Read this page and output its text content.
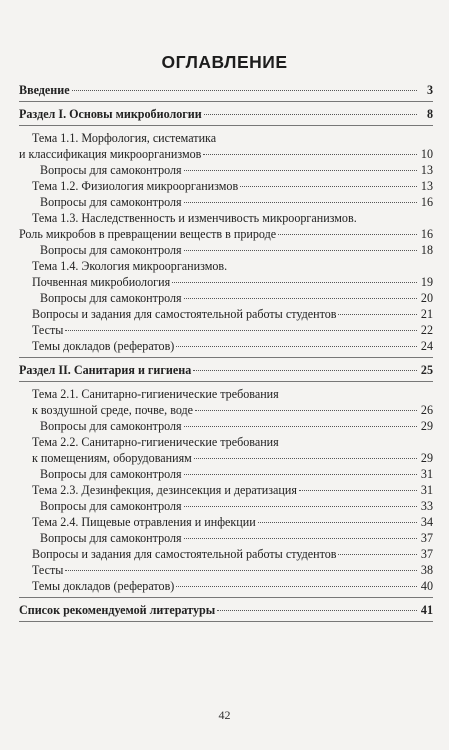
ОГЛАВЛЕНИЕ
Введение	3
Раздел I. Основы микробиологии	8
Тема 1.1. Морфология, систематика
и классификация микроорганизмов	10
Вопросы для самоконтроля	13
Тема 1.2. Физиология микроорганизмов	13
Вопросы для самоконтроля	16
Тема 1.3. Наследственность и изменчивость микроорганизмов.
Роль микробов в превращении веществ в природе	16
Вопросы для самоконтроля	18
Тема 1.4. Экология микроорганизмов.
Почвенная микробиология	19
Вопросы для самоконтроля	20
Вопросы и задания для самостоятельной работы студентов	21
Тесты	22
Темы докладов (рефератов)	24
Раздел II. Санитария и гигиена	25
Тема 2.1. Санитарно-гигиенические требования
к воздушной среде, почве, воде	26
Вопросы для самоконтроля	29
Тема 2.2. Санитарно-гигиенические требования
к помещениям, оборудованиям	29
Вопросы для самоконтроля	31
Тема 2.3. Дезинфекция, дезинсекция и дератизация	31
Вопросы для самоконтроля	33
Тема 2.4. Пищевые отравления и инфекции	34
Вопросы для самоконтроля	37
Вопросы и задания для самостоятельной работы студентов	37
Тесты	38
Темы докладов (рефератов)	40
Список рекомендуемой литературы	41
42
